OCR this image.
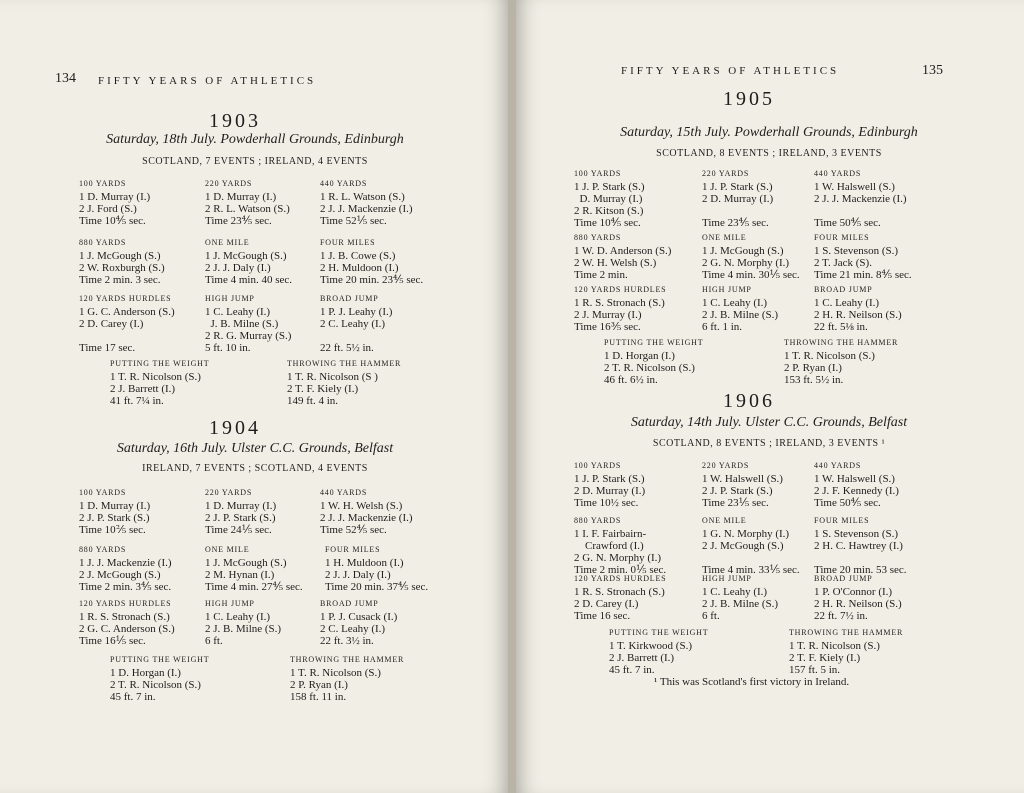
134 FIFTY YEARS OF ATHLETICS
1903
Saturday, 18th July. Powderhall Grounds, Edinburgh
SCOTLAND, 7 EVENTS ; IRELAND, 4 EVENTS
100 YARDS
1 D. Murray (I.)
2 J. Ford (S.)
Time 10⅘ sec.
220 YARDS
1 D. Murray (I.)
2 R. L. Watson (S.)
Time 23⅘ sec.
440 YARDS
1 R. L. Watson (S.)
2 J. J. Mackenzie (I.)
Time 52⅕ sec.
880 YARDS
1 J. McGough (S.)
2 W. Roxburgh (S.)
Time 2 min. 3 sec.
ONE MILE
1 J. McGough (S.)
2 J. J. Daly (I.)
Time 4 min. 40 sec.
FOUR MILES
1 J. B. Cowe (S.)
2 H. Muldoon (I.)
Time 20 min. 23⅘ sec.
120 YARDS HURDLES
1 G. C. Anderson (S.)
2 D. Carey (I.)

Time 17 sec.
HIGH JUMP
1 C. Leahy (I.)
J. B. Milne (S.)
2 R. G. Murray (S.)
5 ft. 10 in.
BROAD JUMP
1 P. J. Leahy (I.)
2 C. Leahy (I.)

22 ft. 5½ in.
PUTTING THE WEIGHT
1 T. R. Nicolson (S.)
2 J. Barrett (I.)
41 ft. 7¼ in.
THROWING THE HAMMER
1 T. R. Nicolson (S )
2 T. F. Kiely (I.)
149 ft. 4 in.
1904
Saturday, 16th July. Ulster C.C. Grounds, Belfast
IRELAND, 7 EVENTS ; SCOTLAND, 4 EVENTS
100 YARDS
1 D. Murray (I.)
2 J. P. Stark (S.)
Time 10⅖ sec.
220 YARDS
1 D. Murray (I.)
2 J. P. Stark (S.)
Time 24⅕ sec.
440 YARDS
1 W. H. Welsh (S.)
2 J. J. Mackenzie (I.)
Time 52⅘ sec.
880 YARDS
1 J. J. Mackenzie (I.)
2 J. McGough (S.)
Time 2 min. 3⅘ sec.
ONE MILE
1 J. McGough (S.)
2 M. Hynan (I.)
Time 4 min. 27⅘ sec.
FOUR MILES
1 H. Muldoon (I.)
2 J. J. Daly (I.)
Time 20 min. 37⅘ sec.
120 YARDS HURDLES
1 R. S. Stronach (S.)
2 G. C. Anderson (S.)
Time 16⅕ sec.
HIGH JUMP
1 C. Leahy (I.)
2 J. B. Milne (S.)
6 ft.
BROAD JUMP
1 P. J. Cusack (I.)
2 C. Leahy (I.)
22 ft. 3½ in.
PUTTING THE WEIGHT
1 D. Horgan (I.)
2 T. R. Nicolson (S.)
45 ft. 7 in.
THROWING THE HAMMER
1 T. R. Nicolson (S.)
2 P. Ryan (I.)
158 ft. 11 in.
135
FIFTY YEARS OF ATHLETICS
1905
Saturday, 15th July. Powderhall Grounds, Edinburgh
SCOTLAND, 8 EVENTS ; IRELAND, 3 EVENTS
100 YARDS
1 J. P. Stark (S.)
D. Murray (I.)
2 R. Kitson (S.)
Time 10⅘ sec.
220 YARDS
1 J. P. Stark (S.)
2 D. Murray (I.)

Time 23⅘ sec.
440 YARDS
1 W. Halswell (S.)
2 J. J. Mackenzie (I.)

Time 50⅘ sec.
880 YARDS
1 W. D. Anderson (S.)
2 W. H. Welsh (S.)
Time 2 min.
ONE MILE
1 J. McGough (S.)
2 G. N. Morphy (I.)
Time 4 min. 30⅕ sec.
FOUR MILES
1 S. Stevenson (S.)
2 T. Jack (S).
Time 21 min. 8⅘ sec.
120 YARDS HURDLES
1 R. S. Stronach (S.)
2 J. Murray (I.)
Time 16⅗ sec.
HIGH JUMP
1 C. Leahy (I.)
2 J. B. Milne (S.)
6 ft. 1 in.
BROAD JUMP
1 C. Leahy (I.)
2 H. R. Neilson (S.)
22 ft. 5⅛ in.
PUTTING THE WEIGHT
1 D. Horgan (I.)
2 T. R. Nicolson (S.)
46 ft. 6½ in.
THROWING THE HAMMER
1 T. R. Nicolson (S.)
2 P. Ryan (I.)
153 ft. 5½ in.
1906
Saturday, 14th July. Ulster C.C. Grounds, Belfast
SCOTLAND, 8 EVENTS ; IRELAND, 3 EVENTS ¹
100 YARDS
1 J. P. Stark (S.)
2 D. Murray (I.)
Time 10½ sec.
220 YARDS
1 W. Halswell (S.)
2 J. P. Stark (S.)
Time 23⅕ sec.
440 YARDS
1 W. Halswell (S.)
2 J. F. Kennedy (I.)
Time 50⅘ sec.
880 YARDS
1 I. F. Fairbairn-
Crawford (I.)
2 G. N. Morphy (I.)
Time 2 min. 0⅕ sec.
ONE MILE
1 G. N. Morphy (I.)
2 J. McGough (S.)

Time 4 min. 33⅕ sec.
FOUR MILES
1 S. Stevenson (S.)
2 H. C. Hawtrey (I.)

Time 20 min. 53 sec.
120 YARDS HURDLES
1 R. S. Stronach (S.)
2 D. Carey (I.)
Time 16 sec.
HIGH JUMP
1 C. Leahy (I.)
2 J. B. Milne (S.)
6 ft.
BROAD JUMP
1 P. O'Connor (I.)
2 H. R. Neilson (S.)
22 ft. 7½ in.
PUTTING THE WEIGHT
1 T. Kirkwood (S.)
2 J. Barrett (I.)
45 ft. 7 in.
THROWING THE HAMMER
1 T. R. Nicolson (S.)
2 T. F. Kiely (I.)
157 ft. 5 in.
¹ This was Scotland's first victory in Ireland.
